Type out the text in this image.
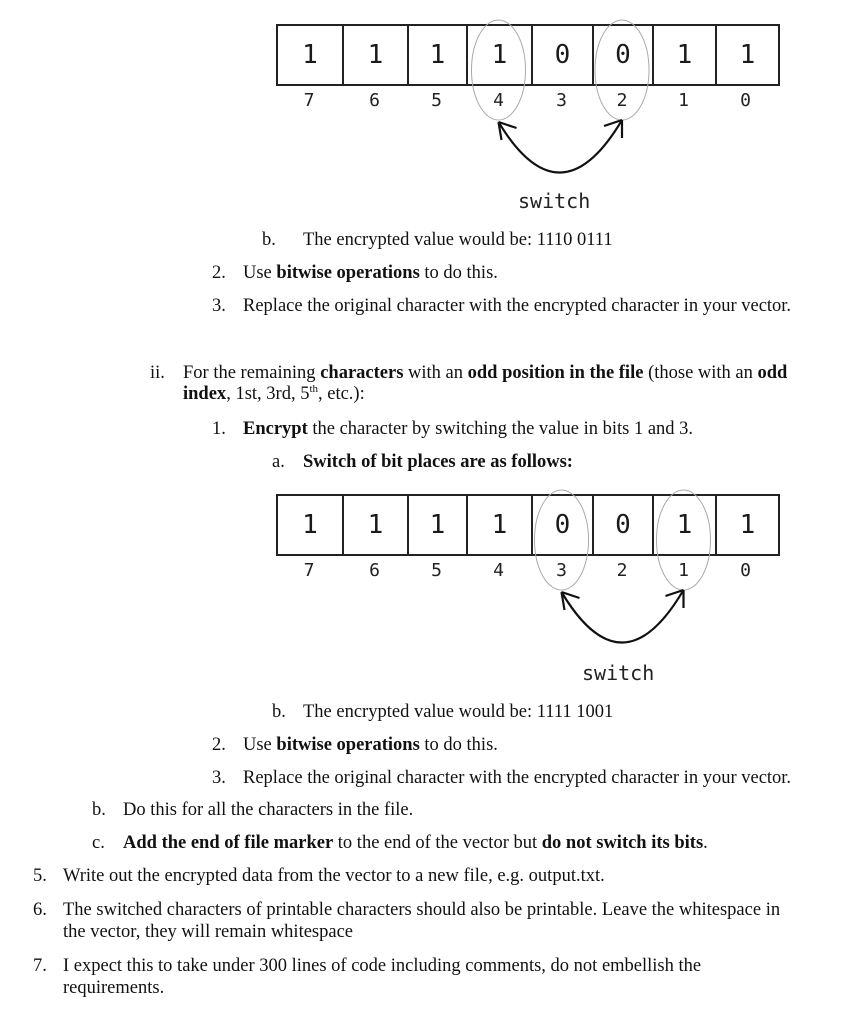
1	1	1	1	0	0	1	1
7	6	5	4	3	2	1	0
switch
b.	The encrypted value would be: 1110 0111
2. Use bitwise operations to do this.
3. Replace the original character with the encrypted character in your vector.
ii. For the remaining characters with an odd position in the file (those with an odd
index, 1st, 3rd, 5th, etc.):
1. Encrypt the character by switching the value in bits 1 and 3.
a. Switch of bit places are as follows:
1	1	1	1	0	0	1	1
7	6	5	4	3	2	1	0
switch
b. The encrypted value would be: 1111 1001
2. Use bitwise operations to do this.
3. Replace the original character with the encrypted character in your vector.
b. Do this for all the characters in the file.
c. Add the end of file marker to the end of the vector but do not switch its bits.
5. Write out the encrypted data from the vector to a new file, e.g. output.txt.
6. The switched characters of printable characters should also be printable. Leave the whitespace in
the vector, they will remain whitespace
7. I expect this to take under 300 lines of code including comments, do not embellish the
requirements.
